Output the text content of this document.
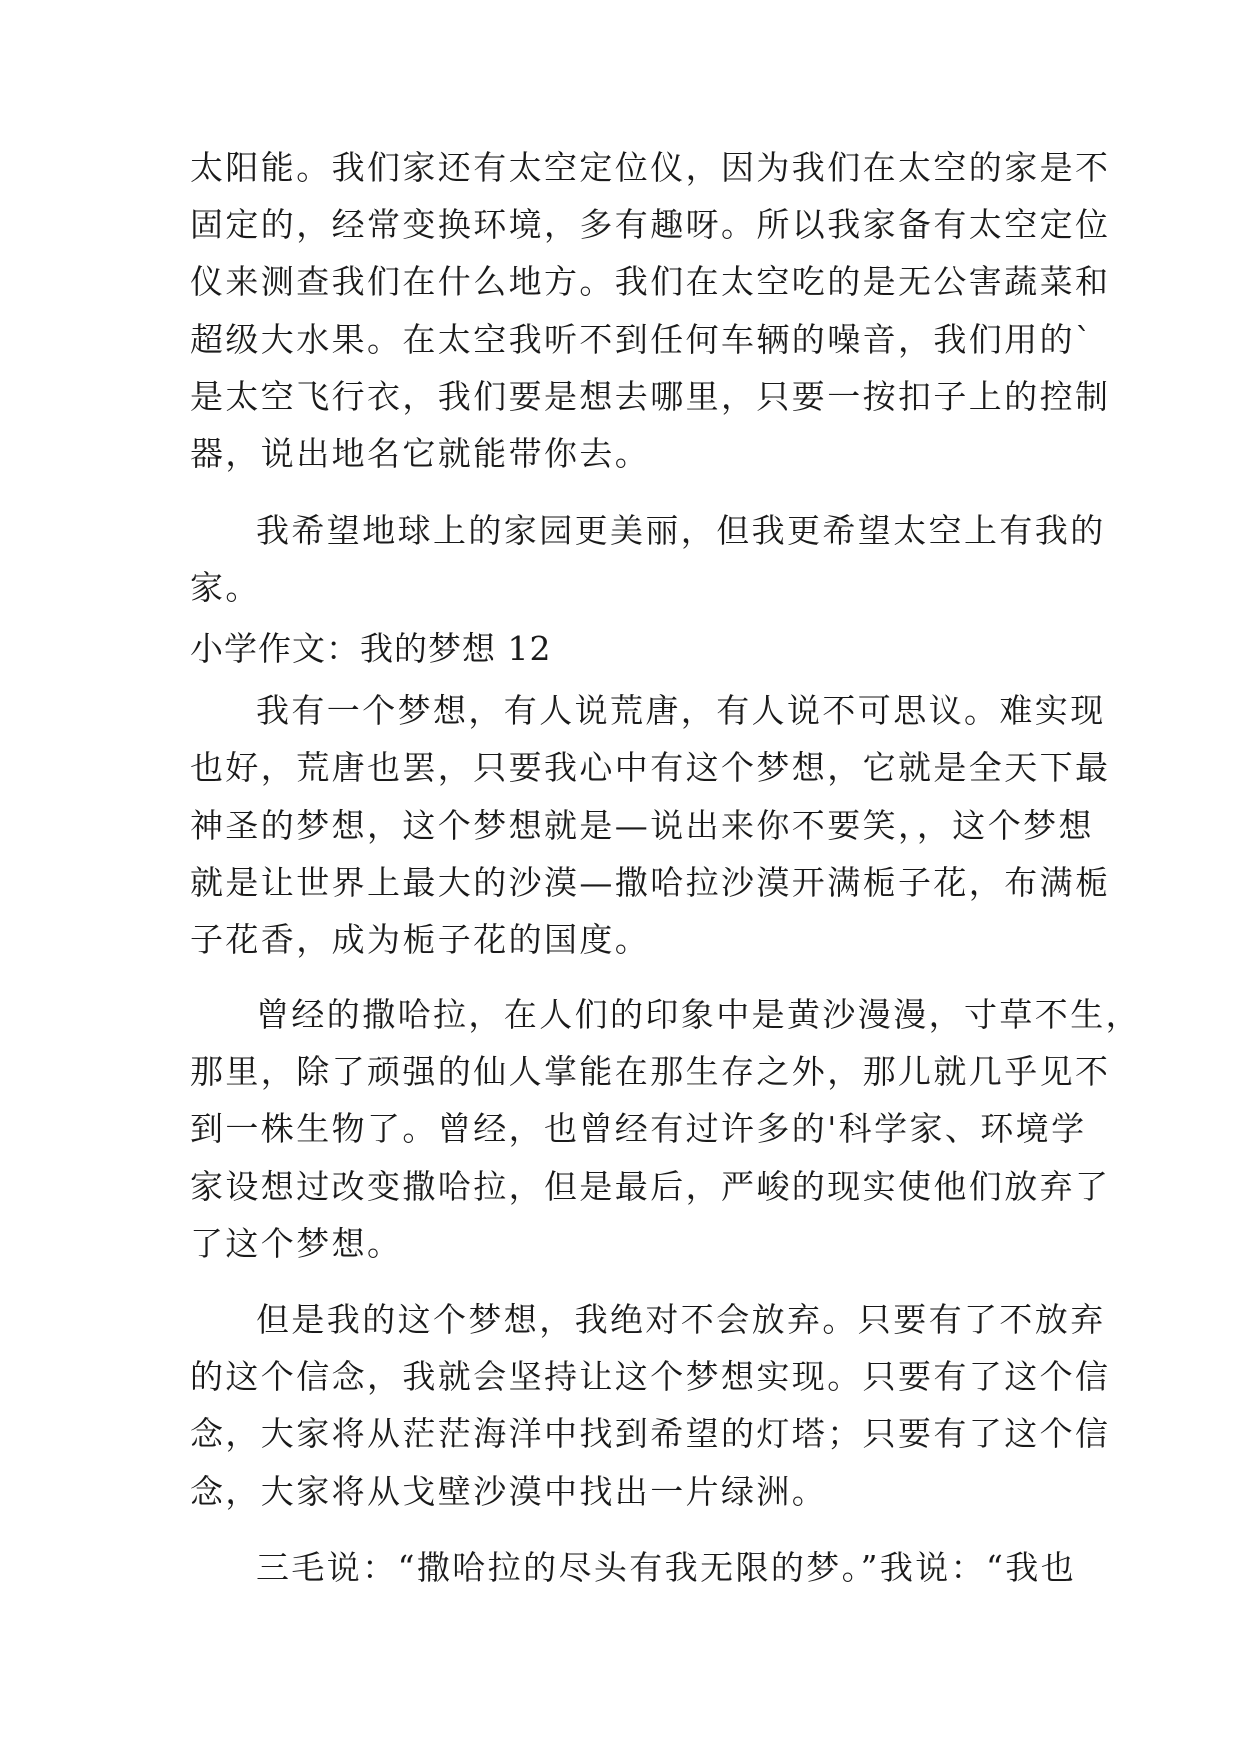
太阳能。我们家还有太空定位仪，因为我们在太空的家是不
固定的，经常变换环境，多有趣呀。所以我家备有太空定位
仪来测查我们在什么地方。我们在太空吃的是无公害蔬菜和
超级大水果。在太空我听不到任何车辆的噪音，我们用的`
是太空飞行衣，我们要是想去哪里，只要一按扣子上的控制
器，说出地名它就能带你去。
我希望地球上的家园更美丽，但我更希望太空上有我的
家。
小学作文：我的梦想 12
我有一个梦想，有人说荒唐，有人说不可思议。难实现
也好，荒唐也罢，只要我心中有这个梦想，它就是全天下最
神圣的梦想，这个梦想就是—说出来你不要笑，，这个梦想
就是让世界上最大的沙漠—撒哈拉沙漠开满栀子花，布满栀
子花香，成为栀子花的国度。
曾经的撒哈拉，在人们的印象中是黄沙漫漫，寸草不生，
那里，除了顽强的仙人掌能在那生存之外，那儿就几乎见不
到一株生物了。曾经，也曾经有过许多的'科学家、环境学
家设想过改变撒哈拉，但是最后，严峻的现实使他们放弃了
了这个梦想。
但是我的这个梦想，我绝对不会放弃。只要有了不放弃
的这个信念，我就会坚持让这个梦想实现。只要有了这个信
念，大家将从茫茫海洋中找到希望的灯塔；只要有了这个信
念，大家将从戈壁沙漠中找出一片绿洲。
三毛说：“撒哈拉的尽头有我无限的梦。”我说：“我也
